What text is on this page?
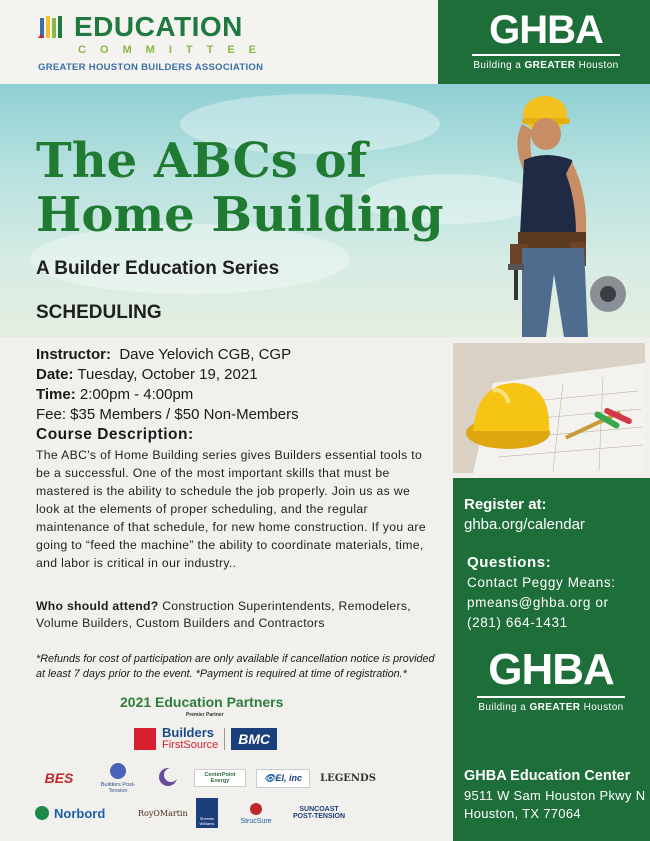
EDUCATION
COMMITTEE
GREATER HOUSTON BUILDERS ASSOCIATION
GHBA
Building a GREATER Houston
The ABCs of
Home Building
A Builder Education Series
SCHEDULING
Instructor: Dave Yelovich CGB, CGP
Date: Tuesday, October 19, 2021
Time: 2:00pm - 4:00pm
Fee: $35 Members / $50 Non-Members
Course Description:
The ABC's of Home Building series gives Builders essential tools to be a successful. One of the most important skills that must be mastered is the ability to schedule the job properly. Join us as we look at the elements of proper scheduling, and the regular maintenance of that schedule, for new home construction. If you are going to “feed the machine” the ability to coordinate materials, time, and labor is critical in our industry..
Who should attend? Construction Superintendents, Remodelers, Volume Builders, Custom Builders and Contractors
*Refunds for cost of participation are only available if cancellation notice is provided at least 7 days prior to the event. *Payment is required at time of registration.*
Register at:
ghba.org/calendar
Questions:
Contact Peggy Means:
pmeans@ghba.org or
(281) 664-1431
GHBA
Building a GREATER Houston
GHBA Education Center
9511 W Sam Houston Pkwy N
Houston, TX 77064
2021 Education Partners
Premier Partner
Builders
FirstSource	BMC
BES	Builders Post-Tension
CenterPoint Energy	👁EI, inc	LEGENDS
Norbord	RoyOMartin
Sherwin Williams	StrucSure
SUNCOAST POST-TENSION
